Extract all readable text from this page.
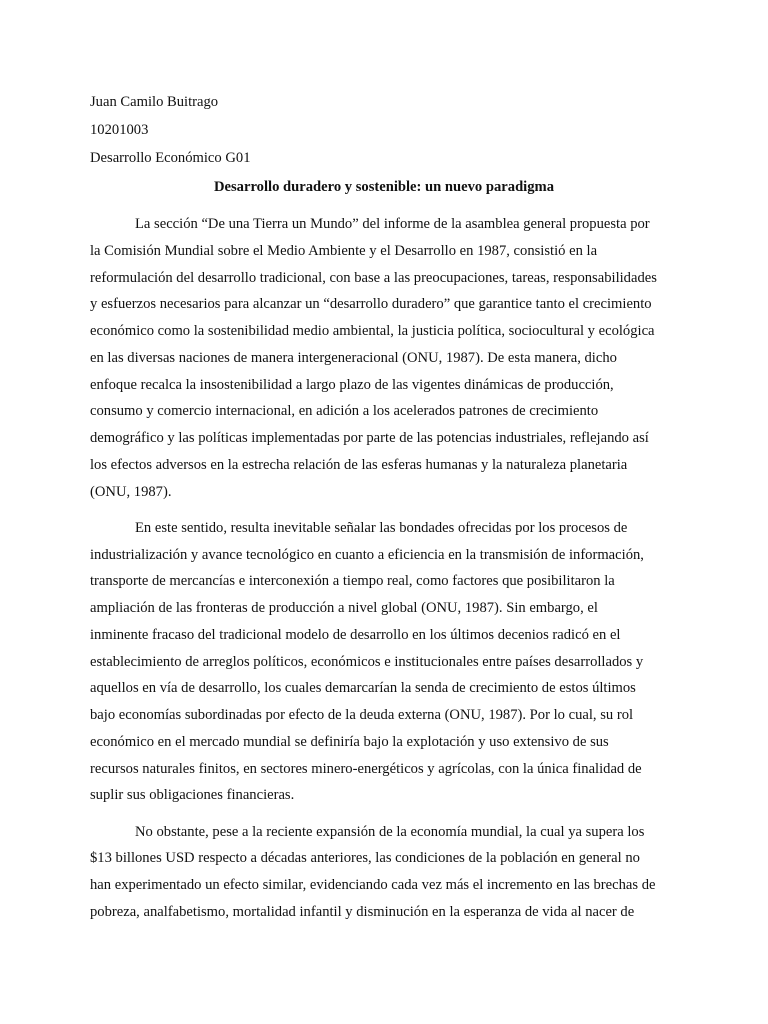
Juan Camilo Buitrago
10201003
Desarrollo Económico G01
Desarrollo duradero y sostenible: un nuevo paradigma

La sección “De una Tierra un Mundo” del informe de la asamblea general propuesta por
la Comisión Mundial sobre el Medio Ambiente y el Desarrollo en 1987, consistió en la
reformulación del desarrollo tradicional, con base a las preocupaciones, tareas, responsabilidades
y esfuerzos necesarios para alcanzar un “desarrollo duradero” que garantice tanto el crecimiento
económico como la sostenibilidad medio ambiental, la justicia política, sociocultural y ecológica
en las diversas naciones de manera intergeneracional (ONU, 1987). De esta manera, dicho
enfoque recalca la insostenibilidad a largo plazo de las vigentes dinámicas de producción,
consumo y comercio internacional, en adición a los acelerados patrones de crecimiento
demográfico y las políticas implementadas por parte de las potencias industriales, reflejando así
los efectos adversos en la estrecha relación de las esferas humanas y la naturaleza planetaria
(ONU, 1987).

En este sentido, resulta inevitable señalar las bondades ofrecidas por los procesos de
industrialización y avance tecnológico en cuanto a eficiencia en la transmisión de información,
transporte de mercancías e interconexión a tiempo real, como factores que posibilitaron la
ampliación de las fronteras de producción a nivel global (ONU, 1987). Sin embargo, el
inminente fracaso del tradicional modelo de desarrollo en los últimos decenios radicó en el
establecimiento de arreglos políticos, económicos e institucionales entre países desarrollados y
aquellos en vía de desarrollo, los cuales demarcarían la senda de crecimiento de estos últimos
bajo economías subordinadas por efecto de la deuda externa (ONU, 1987). Por lo cual, su rol
económico en el mercado mundial se definiría bajo la explotación y uso extensivo de sus
recursos naturales finitos, en sectores minero-energéticos y agrícolas, con la única finalidad de
suplir sus obligaciones financieras.

No obstante, pese a la reciente expansión de la economía mundial, la cual ya supera los
$13 billones USD respecto a décadas anteriores, las condiciones de la población en general no
han experimentado un efecto similar, evidenciando cada vez más el incremento en las brechas de
pobreza, analfabetismo, mortalidad infantil y disminución en la esperanza de vida al nacer de
